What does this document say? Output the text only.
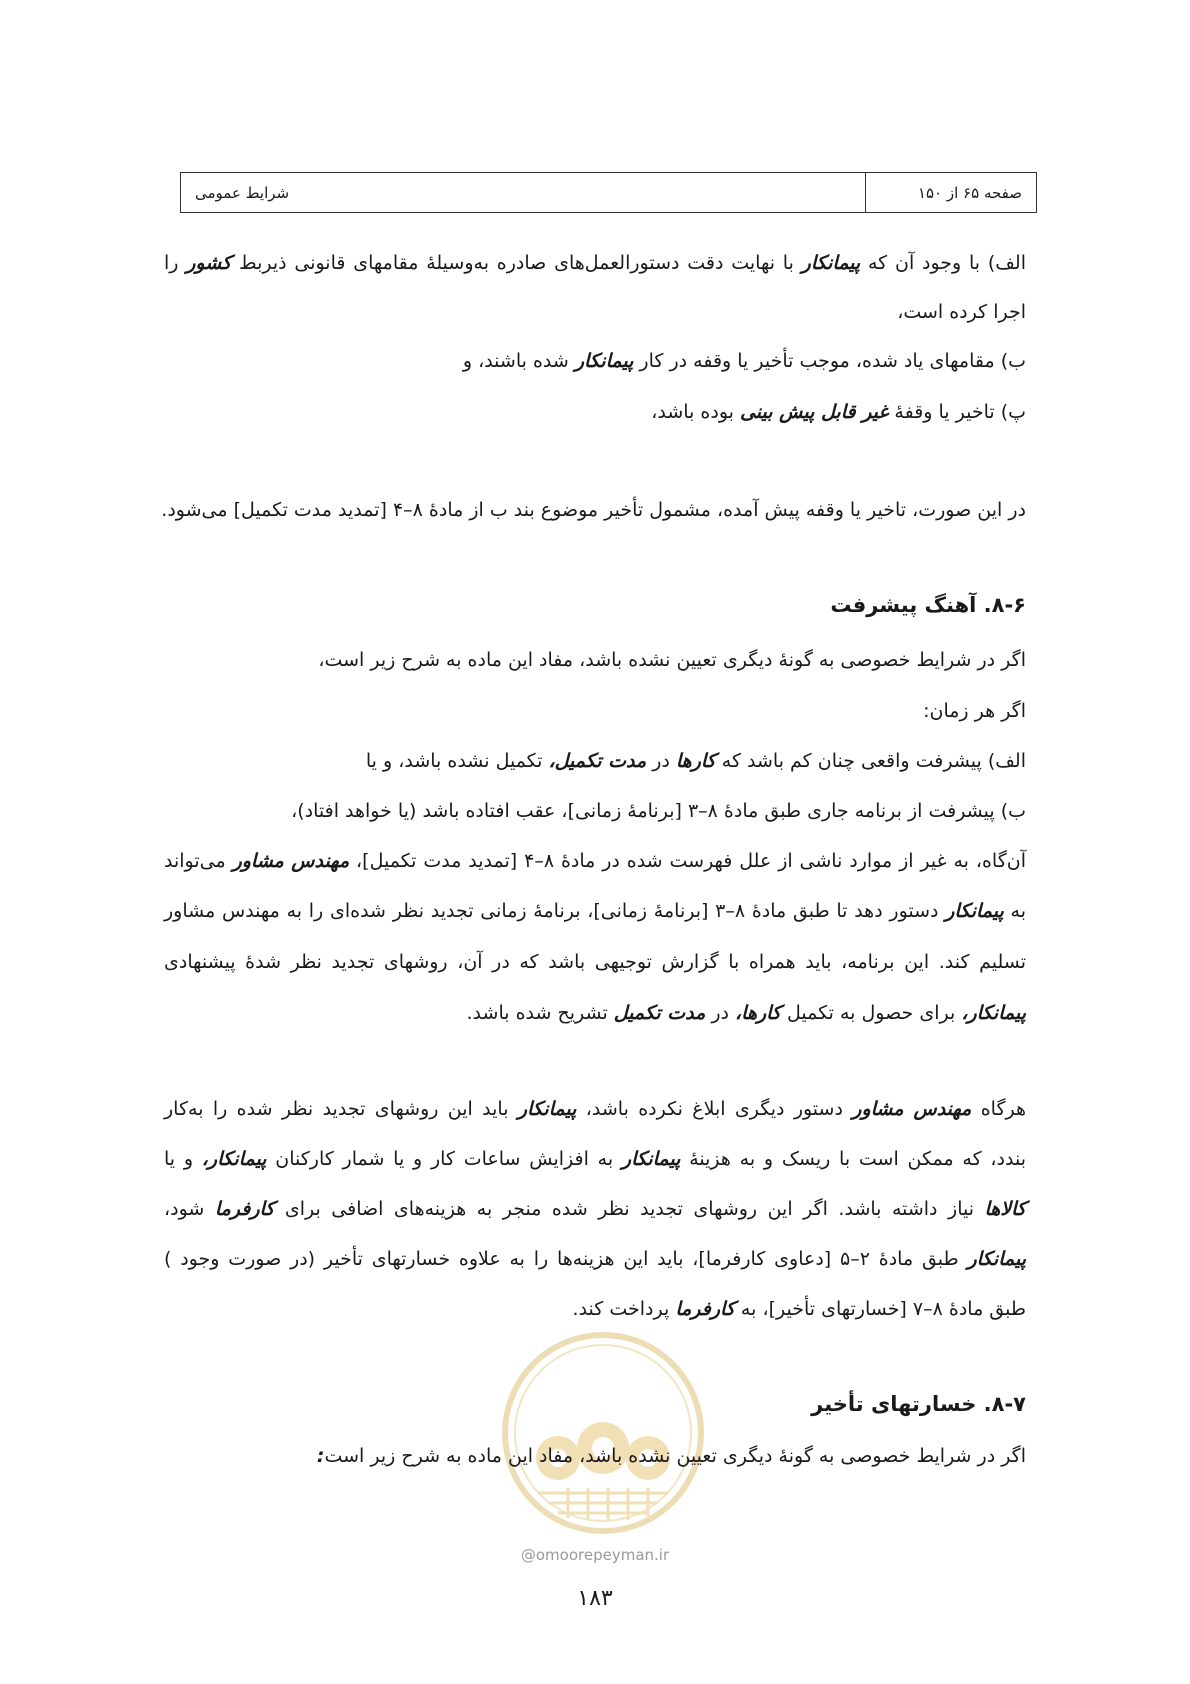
صفحه ۶۵ از ۱۵۰
شرایط عمومی
الف) با وجود آن که پیمانکار با نهایت دقت دستورالعمل‌های صادره به‌وسیلهٔ مقامهای قانونی ذیربط کشور را
اجرا کرده است،
ب) مقامهای یاد شده، موجب تأخیر یا وقفه در کار پیمانکار شده باشند، و
پ) تاخیر یا وقفهٔ غیر قابل پیش بینی بوده باشد،
در این صورت، تاخیر یا وقفه پیش آمده، مشمول تأخیر موضوع بند ب از مادهٔ ۸–۴ [تمدید مدت تکمیل] می‌شود.
۸-۶. آهنگ پیشرفت
اگر در شرایط خصوصی به گونهٔ دیگری تعیین نشده باشد، مفاد این ماده به شرح زیر است،
اگر هر زمان:
الف) پیشرفت واقعی چنان کم باشد که کارها در مدت تکمیل، تکمیل نشده باشد، و یا
ب) پیشرفت از برنامه جاری طبق مادهٔ ۸–۳ [برنامهٔ زمانی]، عقب افتاده باشد (یا خواهد افتاد)،
آن‌گاه، به غیر از موارد ناشی از علل فهرست شده در مادهٔ ۸–۴ [تمدید مدت تکمیل]، مهندس مشاور می‌تواند
به پیمانکار دستور دهد تا طبق مادهٔ ۸–۳ [برنامهٔ زمانی]، برنامهٔ زمانی تجدید نظر شده‌ای را به مهندس مشاور
تسلیم کند. این برنامه، باید همراه با گزارش توجیهی باشد که در آن، روشهای تجدید نظر شدهٔ پیشنهادی
پیمانکار، برای حصول به تکمیل کارها، در مدت تکمیل تشریح شده باشد.
هرگاه مهندس مشاور دستور دیگری ابلاغ نکرده باشد، پیمانکار باید این روشهای تجدید نظر شده را به‌کار
بندد، که ممکن است با ریسک و به هزینهٔ پیمانکار به افزایش ساعات کار و یا شمار کارکنان پیمانکار، و یا
کالاها نیاز داشته باشد. اگر این روشهای تجدید نظر شده منجر به هزینه‌های اضافی برای کارفرما شود،
پیمانکار طبق مادهٔ ۲–۵ [دعاوی کارفرما]، باید این هزینه‌ها را به علاوه خسارتهای تأخیر (در صورت وجود )
طبق مادهٔ ۸–۷ [خسارتهای تأخیر]، به کارفرما پرداخت کند.
@omoorepeyman.ir
۸-۷. خسارتهای تأخیر
اگر در شرایط خصوصی به گونهٔ دیگری تعیین نشده باشد، مفاد این ماده به شرح زیر است:
۱۸۳
